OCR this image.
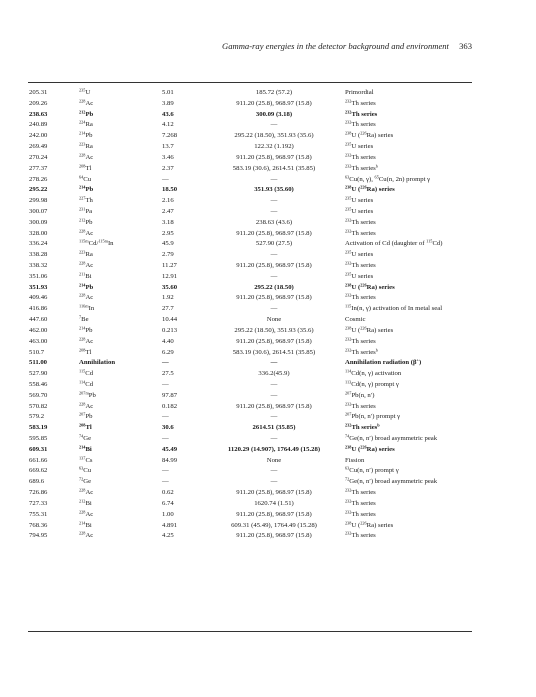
Gamma-ray energies in the detector background and environment 363
205.31	$^{235}$U	5.01	185.72 (57.2)	Primordial
209.26	$^{228}$Ac	3.89	911.20 (25.8), 968.97 (15.8)	$^{232}$Th series
238.63	$^{212}$Pb	43.6	300.09 (3.18)	$^{232}$Th series
240.89	$^{224}$Ra	4.12	—	$^{232}$Th series
242.00	$^{214}$Pb	7.268	295.22 (18.50), 351.93 (35.6)	$^{238}$U ($^{226}$Ra) series
269.49	$^{223}$Ra	13.7	122.32 (1.192)	$^{235}$U series
270.24	$^{228}$Ac	3.46	911.20 (25.8), 968.97 (15.8)	$^{232}$Th series
277.37	$^{208}$Tl	2.37	583.19 (30.6), 2614.51 (35.85)	$^{232}$Th series$^b$
278.26	$^{64}$Cu	—	—	$^{63}$Cu(n, γ), $^{65}$Cu(n, 2n) prompt γ
295.22	$^{214}$Pb	18.50	351.93 (35.60)	$^{238}$U ($^{226}$Ra) series
299.98	$^{227}$Th	2.16	—	$^{235}$U series
300.07	$^{231}$Pa	2.47	—	$^{235}$U series
300.09	$^{212}$Pb	3.18	238.63 (43.6)	$^{232}$Th series
328.00	$^{228}$Ac	2.95	911.20 (25.8), 968.97 (15.8)	$^{232}$Th series
336.24	$^{115m}$Cd/$^{115m}$In	45.9	527.90 (27.5)	Activation of Cd (daughter of $^{115}$Cd)
338.28	$^{223}$Ra	2.79	—	$^{235}$U series
338.32	$^{228}$Ac	11.27	911.20 (25.8), 968.97 (15.8)	$^{232}$Th series
351.06	$^{211}$Bi	12.91	—	$^{235}$U series
351.93	$^{214}$Pb	35.60	295.22 (18.50)	$^{238}$U ($^{226}$Ra) series
409.46	$^{228}$Ac	1.92	911.20 (25.8), 968.97 (15.8)	$^{232}$Th series
416.86	$^{116m}$In	27.7	—	$^{115}$In(n, γ) activation of In metal seal
447.60	$^7$Be	10.44	None	Cosmic
462.00	$^{214}$Pb	0.213	295.22 (18.50), 351.93 (35.6)	$^{238}$U ($^{226}$Ra) series
463.00	$^{228}$Ac	4.40	911.20 (25.8), 968.97 (15.8)	$^{232}$Th series
510.7	$^{208}$Tl	6.29	583.19 (30.6), 2614.51 (35.85)	$^{232}$Th series$^b$
511.00	Annihilation	—	—	Annihilation radiation (β+)
527.90	$^{115}$Cd	27.5	336.2(45.9)	$^{114}$Cd(n, γ) activation
558.46	$^{114}$Cd	—	—	$^{113}$Cd(n, γ) prompt γ
569.70	$^{207m}$Pb	97.87	—	$^{207}$Pb(n, n′)
570.82	$^{228}$Ac	0.182	911.20 (25.8), 968.97 (15.8)	$^{232}$Th series
579.2	$^{207}$Pb	—	—	$^{207}$Pb(n, n′) prompt γ
583.19	$^{208}$Tl	30.6	2614.51 (35.85)	$^{232}$Th series$^b$
595.85	$^{74}$Ge	—	—	$^{74}$Ge(n, n′) broad asymmetric peak
609.31	$^{214}$Bi	45.49	1120.29 (14.907), 1764.49 (15.28)	$^{238}$U ($^{226}$Ra) series
661.66	$^{137}$Cs	84.99	None	Fission
669.62	$^{63}$Cu	—	—	$^{63}$Cu(n, n′) prompt γ
689.6	$^{72}$Ge	—	—	$^{72}$Ge(n, n′) broad asymmetric peak
726.86	$^{228}$Ac	0.62	911.20 (25.8), 968.97 (15.8)	$^{232}$Th series
727.33	$^{212}$Bi	6.74	1620.74 (1.51)	$^{232}$Th series
755.31	$^{228}$Ac	1.00	911.20 (25.8), 968.97 (15.8)	$^{232}$Th series
768.36	$^{214}$Bi	4.891	609.31 (45.49), 1764.49 (15.28)	$^{238}$U ($^{226}$Ra) series
794.95	$^{228}$Ac	4.25	911.20 (25.8), 968.97 (15.8)	$^{232}$Th series
